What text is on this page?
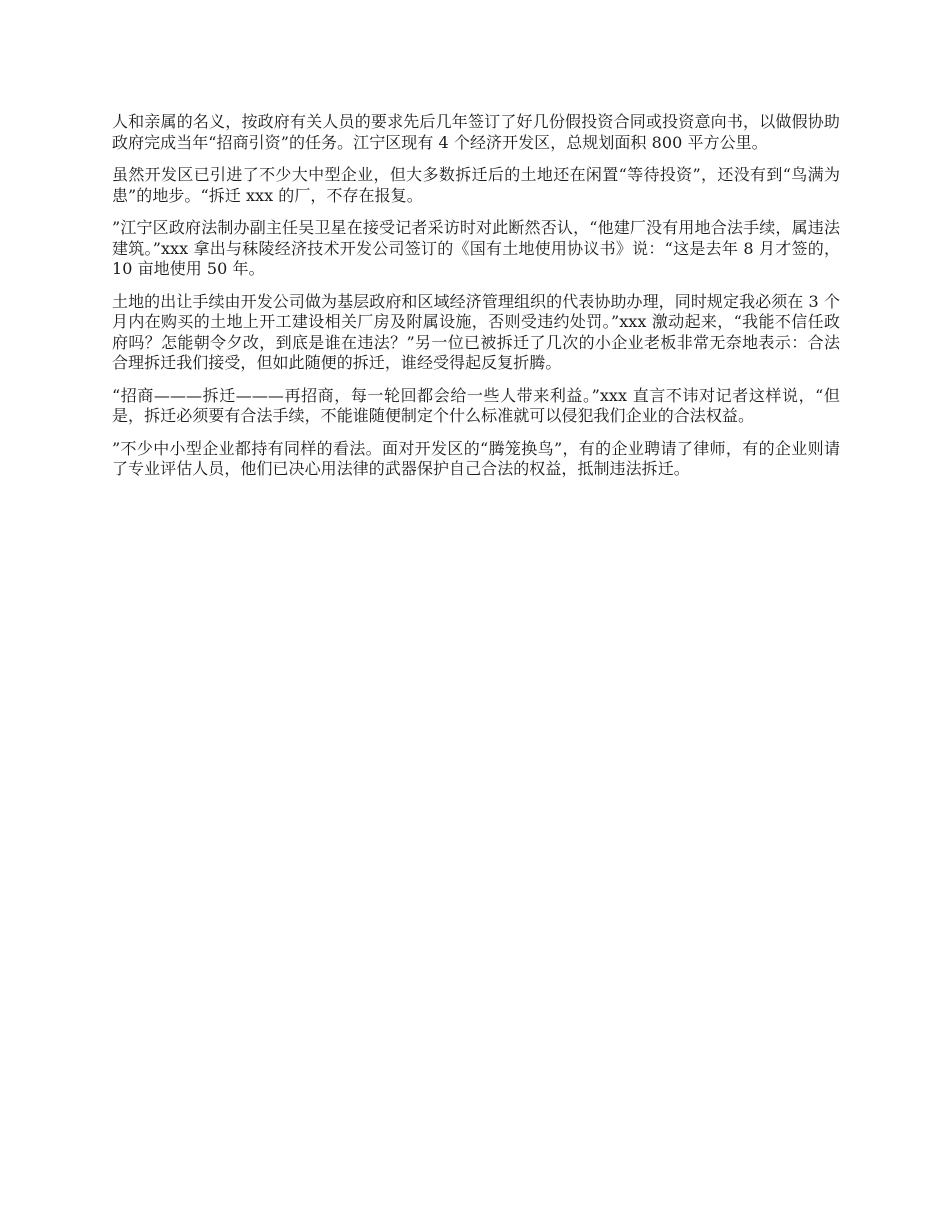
人和亲属的名义，按政府有关人员的要求先后几年签订了好几份假投资合同或投资意向书，以做假协助政府完成当年“招商引资”的任务。江宁区现有 4 个经济开发区，总规划面积 800 平方公里。

虽然开发区已引进了不少大中型企业，但大多数拆迁后的土地还在闲置“等待投资”，还没有到“鸟满为患”的地步。“拆迁 xxx 的厂，不存在报复。

”江宁区政府法制办副主任吴卫星在接受记者采访时对此断然否认，“他建厂没有用地合法手续，属违法建筑。”xxx 拿出与秣陵经济技术开发公司签订的《国有土地使用协议书》说：“这是去年 8 月才签的，10 亩地使用 50 年。

土地的出让手续由开发公司做为基层政府和区域经济管理组织的代表协助办理，同时规定我必须在 3 个月内在购买的土地上开工建设相关厂房及附属设施，否则受违约处罚。”xxx 激动起来，“我能不信任政府吗？怎能朝令夕改，到底是谁在违法？”另一位已被拆迁了几次的小企业老板非常无奈地表示：合法合理拆迁我们接受，但如此随便的拆迁，谁经受得起反复折腾。

“招商———拆迁———再招商，每一轮回都会给一些人带来利益。”xxx 直言不讳对记者这样说，“但是，拆迁必须要有合法手续，不能谁随便制定个什么标准就可以侵犯我们企业的合法权益。

”不少中小型企业都持有同样的看法。面对开发区的“腾笼换鸟”，有的企业聘请了律师，有的企业则请了专业评估人员，他们已决心用法律的武器保护自己合法的权益，抵制违法拆迁。
